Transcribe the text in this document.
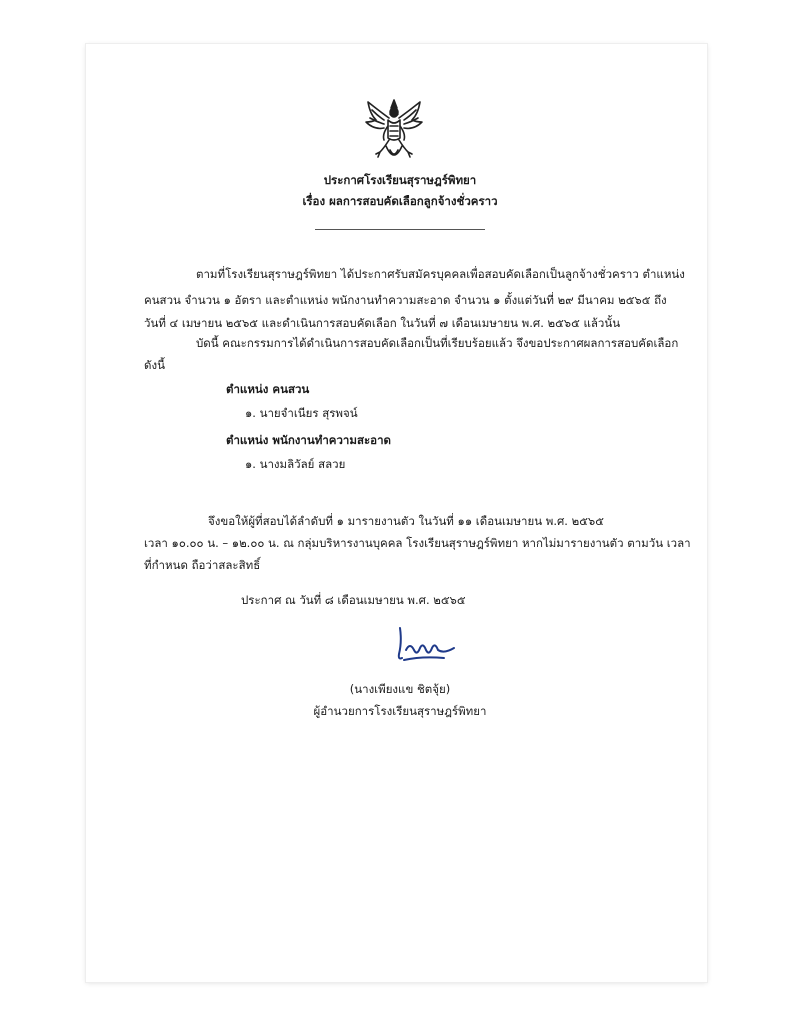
ประกาศโรงเรียนสุราษฎร์พิทยา
เรื่อง ผลการสอบคัดเลือกลูกจ้างชั่วคราว
ตามที่โรงเรียนสุราษฎร์พิทยา ได้ประกาศรับสมัครบุคคลเพื่อสอบคัดเลือกเป็นลูกจ้างชั่วคราว ตำแหน่ง
คนสวน จำนวน ๑ อัตรา และตำแหน่ง พนักงานทำความสะอาด จำนวน ๑ ตั้งแต่วันที่ ๒๙ มีนาคม ๒๕๖๕ ถึง
วันที่ ๔ เมษายน ๒๕๖๕ และดำเนินการสอบคัดเลือก ในวันที่ ๗ เดือนเมษายน พ.ศ. ๒๕๖๕ แล้วนั้น
บัดนี้ คณะกรรมการได้ดำเนินการสอบคัดเลือกเป็นที่เรียบร้อยแล้ว จึงขอประกาศผลการสอบคัดเลือก
ดังนี้
ตำแหน่ง คนสวน
๑. นายจำเนียร สุรพจน์
ตำแหน่ง พนักงานทำความสะอาด
๑. นางมลิวัลย์ สลวย
จึงขอให้ผู้ที่สอบได้ลำดับที่ ๑ มารายงานตัว ในวันที่ ๑๑ เดือนเมษายน พ.ศ. ๒๕๖๕
เวลา ๑๐.๐๐ น. – ๑๒.๐๐ น. ณ กลุ่มบริหารงานบุคคล โรงเรียนสุราษฎร์พิทยา หากไม่มารายงานตัว ตามวัน เวลา
ที่กำหนด ถือว่าสละสิทธิ์
ประกาศ ณ วันที่ ๘ เดือนเมษายน พ.ศ. ๒๕๖๕
(นางเพียงแข ชิตจุ้ย)
ผู้อำนวยการโรงเรียนสุราษฎร์พิทยา
